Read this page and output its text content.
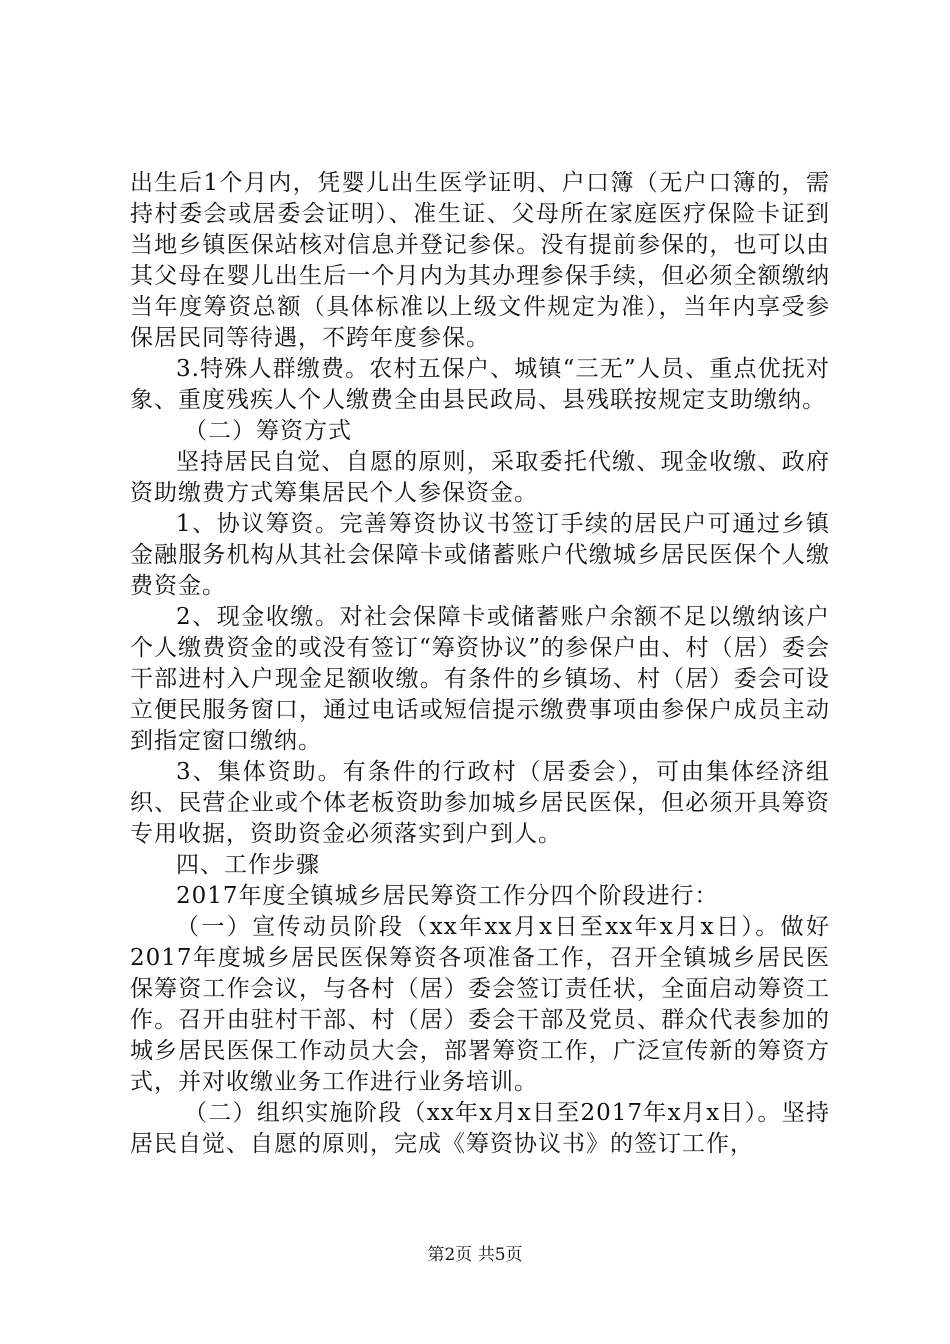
出生后1个月内，凭婴儿出生医学证明、户口簿（无户口簿的，需持村委会或居委会证明）、准生证、父母所在家庭医疗保险卡证到当地乡镇医保站核对信息并登记参保。没有提前参保的，也可以由其父母在婴儿出生后一个月内为其办理参保手续，但必须全额缴纳当年度筹资总额（具体标准以上级文件规定为准），当年内享受参保居民同等待遇，不跨年度参保。

3.特殊人群缴费。农村五保户、城镇“三无”人员、重点优抚对象、重度残疾人个人缴费全由县民政局、县残联按规定支助缴纳。

（二）筹资方式

坚持居民自觉、自愿的原则，采取委托代缴、现金收缴、政府资助缴费方式筹集居民个人参保资金。

1、协议筹资。完善筹资协议书签订手续的居民户可通过乡镇金融服务机构从其社会保障卡或储蓄账户代缴城乡居民医保个人缴费资金。

2、现金收缴。对社会保障卡或储蓄账户余额不足以缴纳该户个人缴费资金的或没有签订“筹资协议”的参保户由、村（居）委会干部进村入户现金足额收缴。有条件的乡镇场、村（居）委会可设立便民服务窗口，通过电话或短信提示缴费事项由参保户成员主动到指定窗口缴纳。

3、集体资助。有条件的行政村（居委会），可由集体经济组织、民营企业或个体老板资助参加城乡居民医保，但必须开具筹资专用收据，资助资金必须落实到户到人。

四、工作步骤

2017年度全镇城乡居民筹资工作分四个阶段进行：

（一）宣传动员阶段（xx年xx月x日至xx年x月x日）。做好2017年度城乡居民医保筹资各项准备工作，召开全镇城乡居民医保筹资工作会议，与各村（居）委会签订责任状，全面启动筹资工作。召开由驻村干部、村（居）委会干部及党员、群众代表参加的城乡居民医保工作动员大会，部署筹资工作，广泛宣传新的筹资方式，并对收缴业务工作进行业务培训。

（二）组织实施阶段（xx年x月x日至2017年x月x日）。坚持居民自觉、自愿的原则，完成《筹资协议书》的签订工作，

第2页 共5页
